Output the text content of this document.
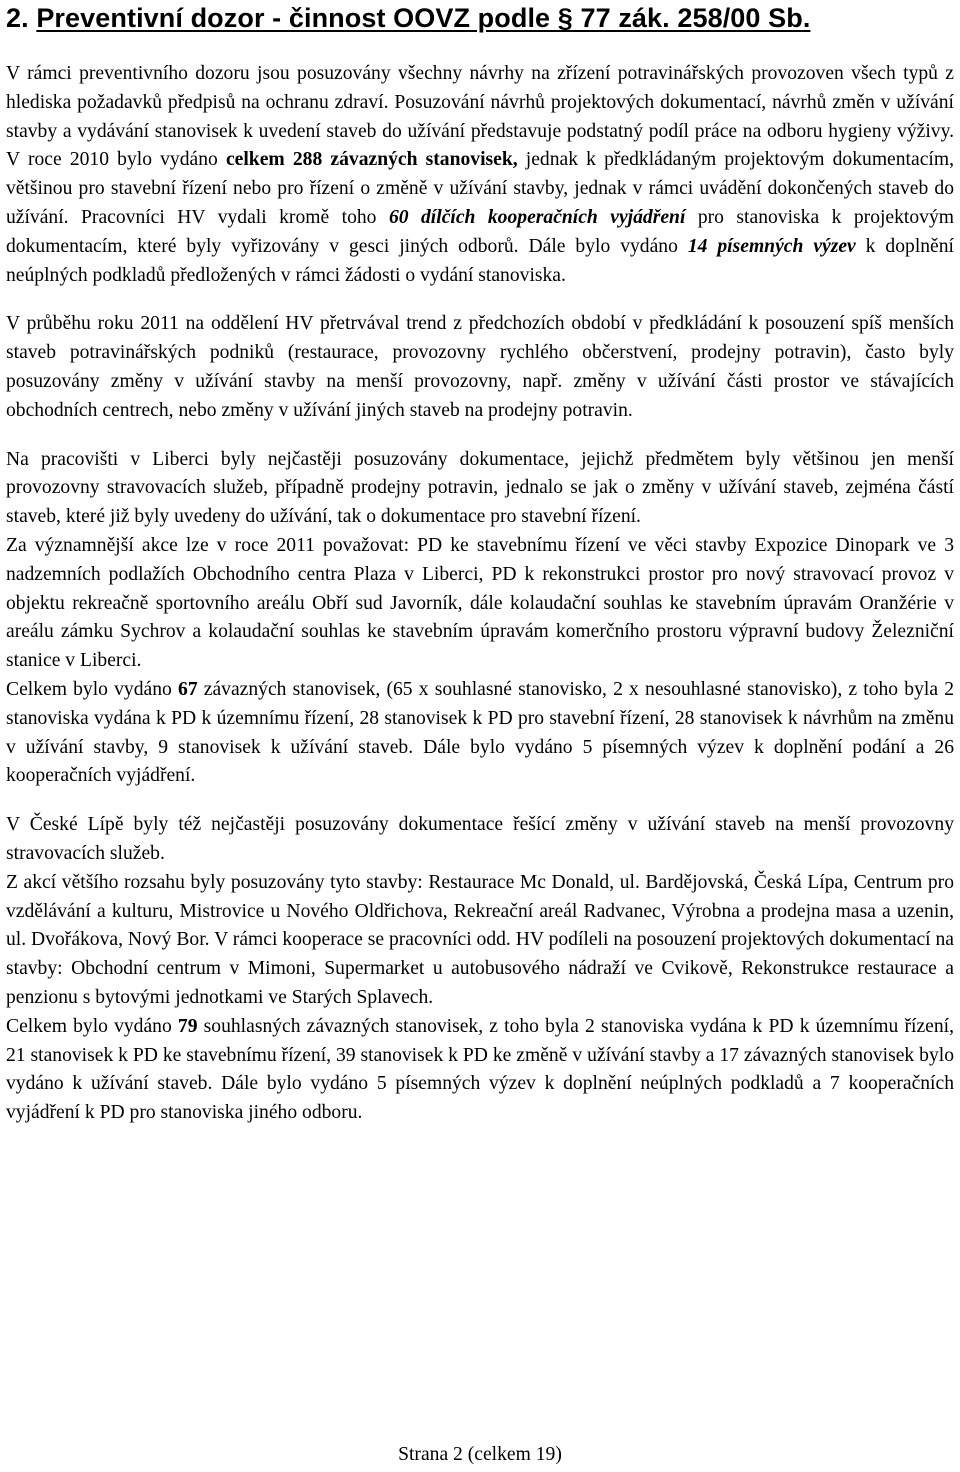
2. Preventivní dozor - činnost OOVZ podle § 77 zák. 258/00 Sb.

V rámci preventivního dozoru jsou posuzovány všechny návrhy na zřízení potravinářských provozoven všech typů z hlediska požadavků předpisů na ochranu zdraví. Posuzování návrhů projektových dokumentací, návrhů změn v užívání stavby a vydávání stanovisek k uvedení staveb do užívání představuje podstatný podíl práce na odboru hygieny výživy. V roce 2010 bylo vydáno celkem 288 závazných stanovisek, jednak k předkládaným projektovým dokumentacím, většinou pro stavební řízení nebo pro řízení o změně v užívání stavby, jednak v rámci uvádění dokončených staveb do užívání. Pracovníci HV vydali kromě toho 60 dílčích kooperačních vyjádření pro stanoviska k projektovým dokumentacím, které byly vyřizovány v gesci jiných odborů. Dále bylo vydáno 14 písemných výzev k doplnění neúplných podkladů předložených v rámci žádosti o vydání stanoviska.

V průběhu roku 2011 na oddělení HV přetrvával trend z předchozích období v předkládání k posouzení spíš menších staveb potravinářských podniků (restaurace, provozovny rychlého občerstvení, prodejny potravin), často byly posuzovány změny v užívání stavby na menší provozovny, např. změny v užívání části prostor ve stávajících obchodních centrech, nebo změny v užívání jiných staveb na prodejny potravin.

Na pracovišti v Liberci byly nejčastěji posuzovány dokumentace, jejichž předmětem byly většinou jen menší provozovny stravovacích služeb, případně prodejny potravin, jednalo se jak o změny v užívání staveb, zejména částí staveb, které již byly uvedeny do užívání, tak o dokumentace pro stavební řízení.

Za významnější akce lze v roce 2011 považovat: PD ke stavebnímu řízení ve věci stavby Expozice Dinopark ve 3 nadzemních podlažích Obchodního centra Plaza v Liberci, PD k rekonstrukci prostor pro nový stravovací provoz v objektu rekreačně sportovního areálu Obří sud Javorník, dále kolaudační souhlas ke stavebním úpravám Oranžérie v areálu zámku Sychrov a kolaudační souhlas ke stavebním úpravám komerčního prostoru výpravní budovy Železniční stanice v Liberci.

Celkem bylo vydáno 67 závazných stanovisek, (65 x souhlasné stanovisko, 2 x nesouhlasné stanovisko), z toho byla 2 stanoviska vydána k PD k územnímu řízení, 28 stanovisek k PD pro stavební řízení, 28 stanovisek k návrhům na změnu v užívání stavby, 9 stanovisek k užívání staveb. Dále bylo vydáno 5 písemných výzev k doplnění podání a 26 kooperačních vyjádření.

V České Lípě byly též nejčastěji posuzovány dokumentace řešící změny v užívání staveb na menší provozovny stravovacích služeb.

Z akcí většího rozsahu byly posuzovány tyto stavby: Restaurace Mc Donald, ul. Bardějovská, Česká Lípa, Centrum pro vzdělávání a kulturu, Mistrovice u Nového Oldřichova, Rekreační areál Radvanec, Výrobna a prodejna masa a uzenin, ul. Dvořákova, Nový Bor. V rámci kooperace se pracovníci odd. HV podíleli na posouzení projektových dokumentací na stavby: Obchodní centrum v Mimoni, Supermarket u autobusového nádraží ve Cvikově, Rekonstrukce restaurace a penzionu s bytovými jednotkami ve Starých Splavech.

Celkem bylo vydáno 79 souhlasných závazných stanovisek, z toho byla 2 stanoviska vydána k PD k územnímu řízení, 21 stanovisek k PD ke stavebnímu řízení, 39 stanovisek k PD ke změně v užívání stavby a 17 závazných stanovisek bylo vydáno k užívání staveb. Dále bylo vydáno 5 písemných výzev k doplnění neúplných podkladů a 7 kooperačních vyjádření k PD pro stanoviska jiného odboru.

Strana 2 (celkem 19)
